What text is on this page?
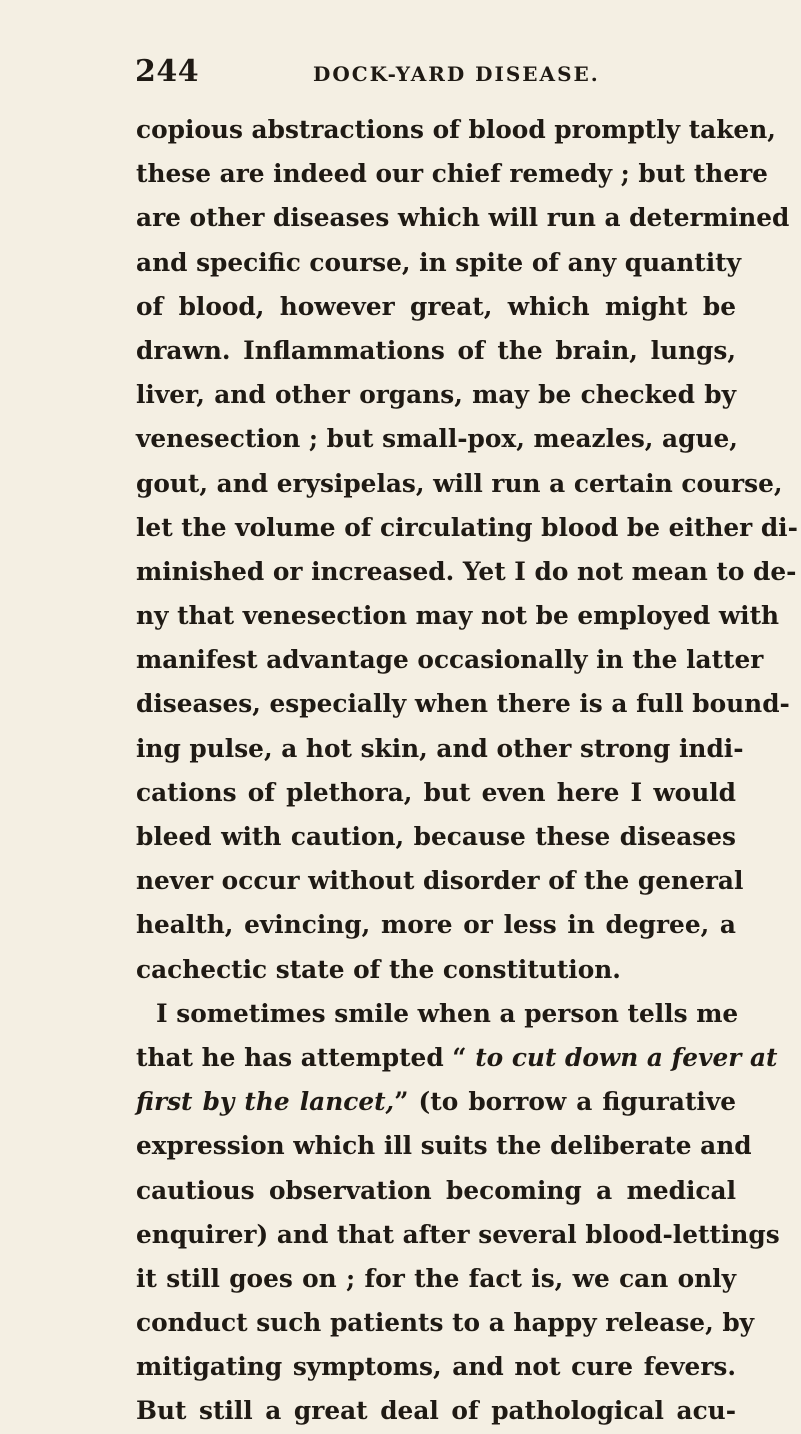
244	DOCK-YARD DISEASE.
copious abstractions of blood promptly taken,
these are indeed our chief remedy ; but there
are other diseases which will run a determined
and specific course, in spite of any quantity
of blood, however great, which might be
drawn. Inflammations of the brain, lungs,
liver, and other organs, may be checked by
venesection ; but small-pox, meazles, ague,
gout, and erysipelas, will run a certain course,
let the volume of circulating blood be either di-
minished or increased. Yet I do not mean to de-
ny that venesection may not be employed with
manifest advantage occasionally in the latter
diseases, especially when there is a full bound-
ing pulse, a hot skin, and other strong indi-
cations of plethora, but even here I would
bleed with caution, because these diseases
never occur without disorder of the general
health, evincing, more or less in degree, a
cachectic state of the constitution.
I sometimes smile when a person tells me
that he has attempted “ to cut down a fever at
first by the lancet,” (to borrow a figurative
expression which ill suits the deliberate and
cautious observation becoming a medical
enquirer) and that after several blood-lettings
it still goes on ; for the fact is, we can only
conduct such patients to a happy release, by
mitigating symptoms, and not cure fevers.
But still a great deal of pathological acu-
